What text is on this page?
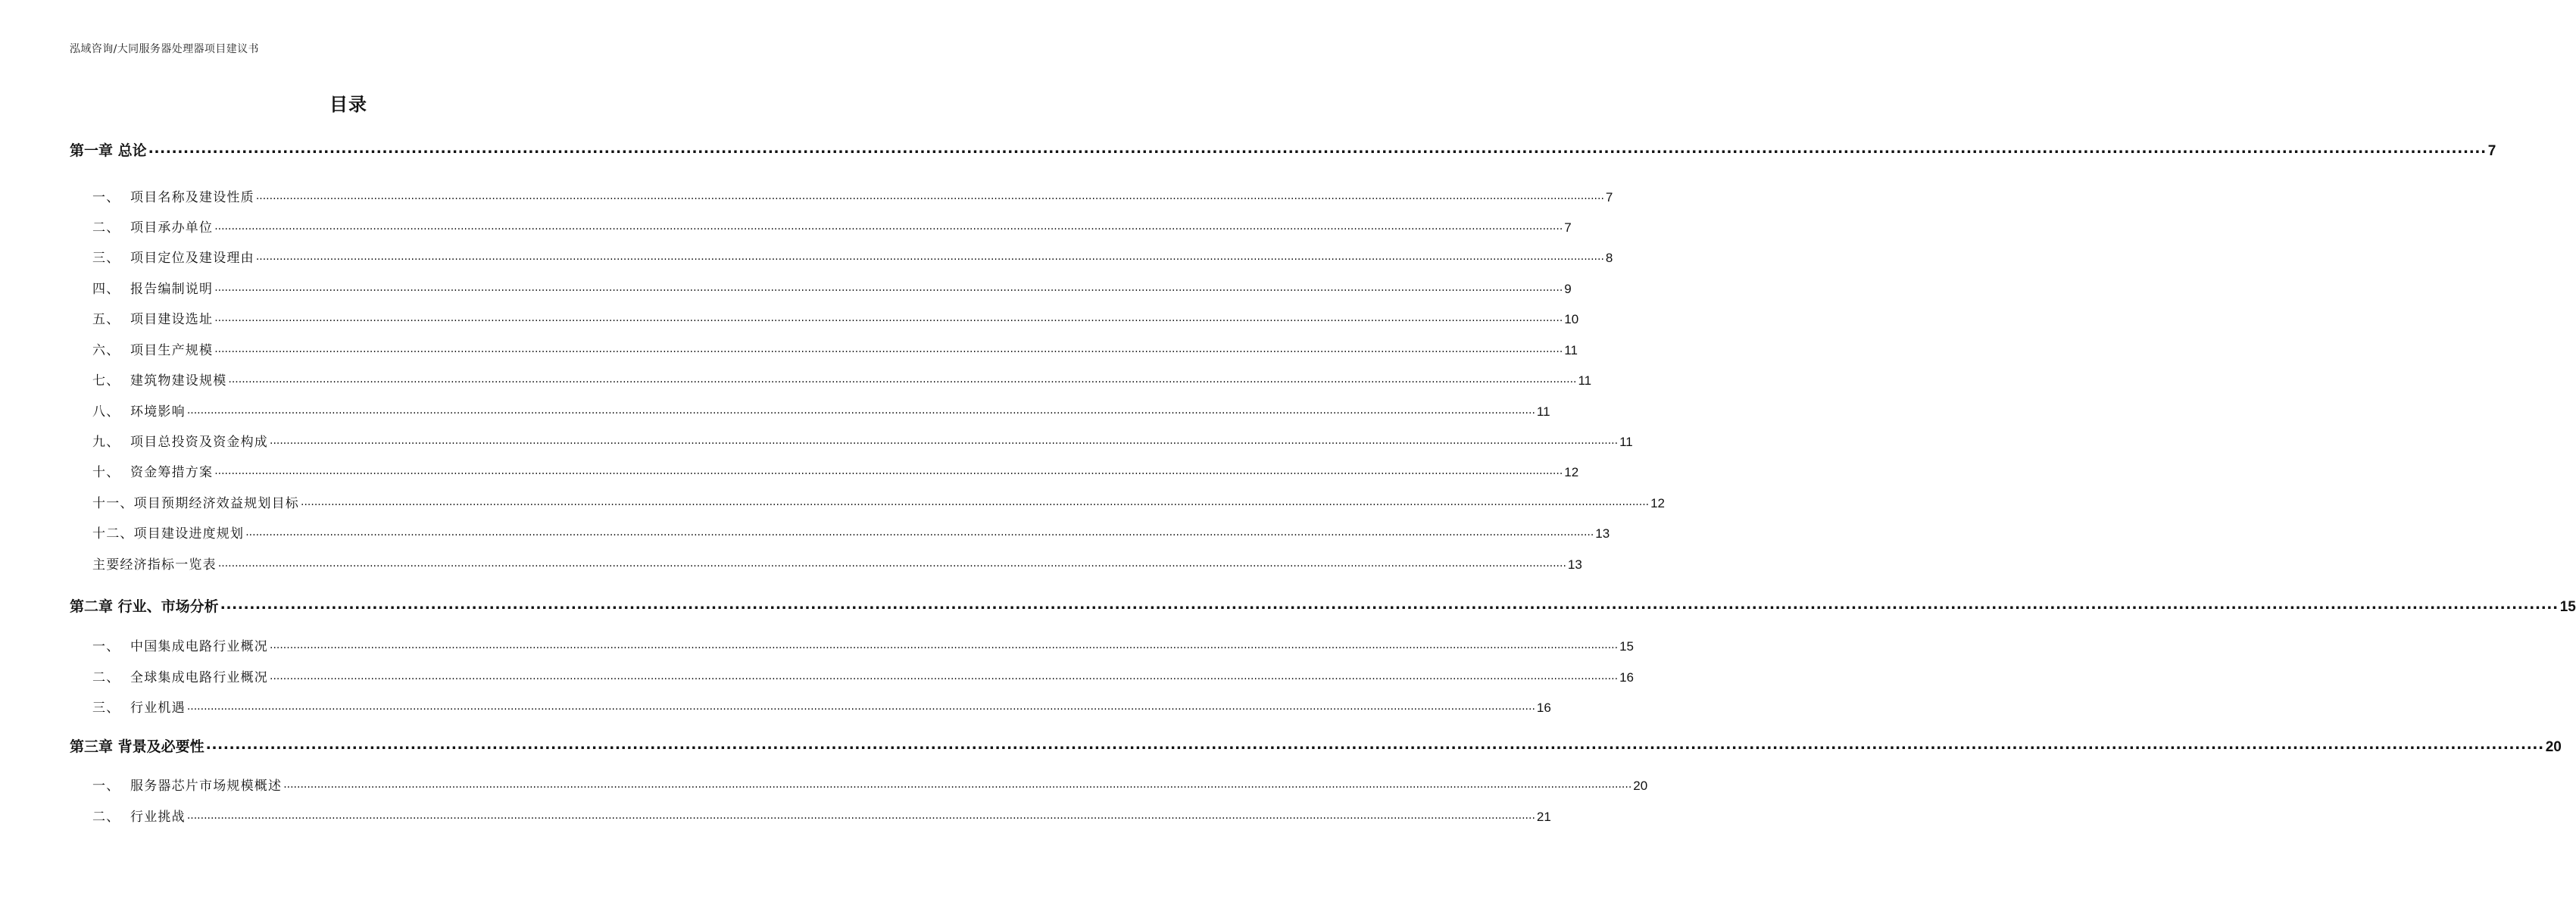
泓域咨询/大同服务器处理器项目建议书
目录
第一章 总论 ................................................................................................................................................................................................................................................................................................................................................................................................................ 7
一、 项目名称及建设性质 ................................................................................................................................................................................................................................................................................................................................................................................................................ 7
二、 项目承办单位 ................................................................................................................................................................................................................................................................................................................................................................................................................ 7
三、 项目定位及建设理由 ................................................................................................................................................................................................................................................................................................................................................................................................................ 8
四、 报告编制说明 ................................................................................................................................................................................................................................................................................................................................................................................................................ 9
五、 项目建设选址 ................................................................................................................................................................................................................................................................................................................................................................................................................ 10
六、 项目生产规模 ................................................................................................................................................................................................................................................................................................................................................................................................................ 11
七、 建筑物建设规模 ................................................................................................................................................................................................................................................................................................................................................................................................................ 11
八、 环境影响 ................................................................................................................................................................................................................................................................................................................................................................................................................ 11
九、 项目总投资及资金构成 ................................................................................................................................................................................................................................................................................................................................................................................................................ 11
十、 资金筹措方案 ................................................................................................................................................................................................................................................................................................................................................................................................................ 12
十一、项目预期经济效益规划目标 ................................................................................................................................................................................................................................................................................................................................................................................................................ 12
十二、项目建设进度规划 ................................................................................................................................................................................................................................................................................................................................................................................................................ 13
主要经济指标一览表 ................................................................................................................................................................................................................................................................................................................................................................................................................ 13
第二章 行业、市场分析 ................................................................................................................................................................................................................................................................................................................................................................................................................ 15
一、 中国集成电路行业概况 ................................................................................................................................................................................................................................................................................................................................................................................................................ 15
二、 全球集成电路行业概况 ................................................................................................................................................................................................................................................................................................................................................................................................................ 16
三、 行业机遇 ................................................................................................................................................................................................................................................................................................................................................................................................................ 16
第三章 背景及必要性 ................................................................................................................................................................................................................................................................................................................................................................................................................ 20
一、 服务器芯片市场规模概述 ................................................................................................................................................................................................................................................................................................................................................................................................................ 20
二、 行业挑战 ................................................................................................................................................................................................................................................................................................................................................................................................................ 21
